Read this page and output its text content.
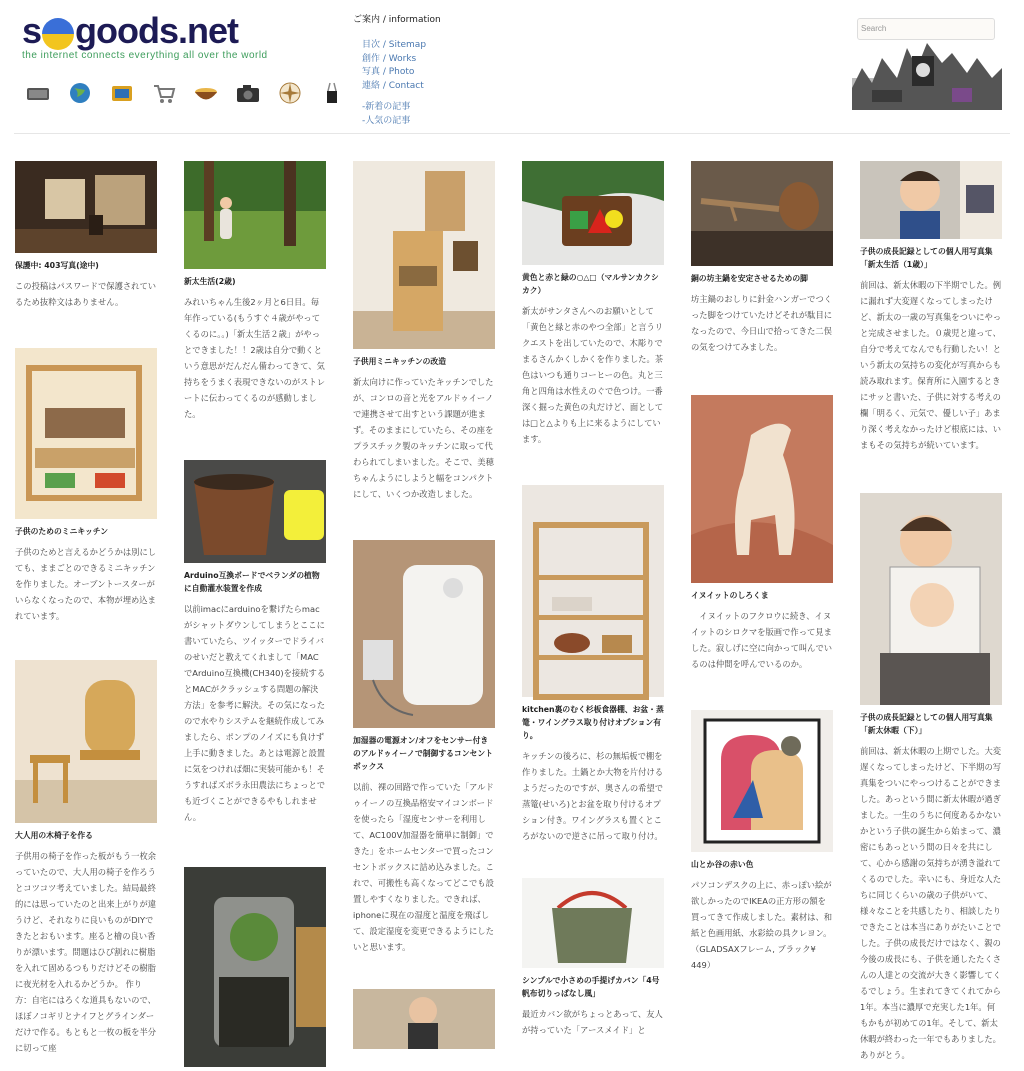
s goods.net
the internet connects everything all over the world
ご案内 / information
目次 / Sitemap
創作 / Works
写真 / Photo
連絡 / Contact
-新着の記事
-人気の記事
Search
保護中: 403写真(途中)

この投稿はパスワードで保護されているため抜粋文はありません。

子供のためのミニキッチン

子供のためと言えるかどうかは別にしても、ままごとのできるミニキッチンを作りました。オーブントースターがいらなくなったので、本物が埋め込まれています。

大人用の木椅子を作る

子供用の椅子を作った板がもう一枚余っていたので、大人用の椅子を作ろうとコツコツ考えていました。結局最終的には思っていたのと出来上がりが違うけど、それなりに良いものがDIYできたとおもいます。座ると檜の良い香りが漂います。問題はひび割れに樹脂を入れて固めるつもりだけどその樹脂に夜光材を入れるかどうか。 作り方：自宅にはろくな道具もないので、ほぼノコギリとナイフとグラインダーだけで作る。もともと一枚の板を半分に切って座

新太生活(2歳)

みれいちゃん生後2ヶ月と6日目。毎年作っている(もうすぐ４歳がやってくるのに。。)「新太生活２歳」がやっとできました！！2歳は自分で動くという意思がだんだん備わってきて、気持ちをうまく表現できないのがストレートに伝わってくるのが感動しました。

Arduino互換ボードでベランダの植物に自動灌水装置を作成

以前imacにarduinoを繋げたらmacがシャットダウンしてしまうとここに書いていたら、ツイッターでドライバのせいだと教えてくれまして「MACでArduino互換機(CH340)を接続するとMACがクラッシュする問題の解決方法」を参考に解決。その気になったので水やりシステムを継続作成してみましたら、ポンプのノイズにも負けず上手に動きました。あとは電源と設置に気をつければ畑に実装可能かも！そうすればズボラ永田農法にちょっとでも近づくことができるやもしれません。

子供用ミニキッチンの改造

新太向けに作っていたキッチンでしたが、コンロの音と光をアルドゥイーノで連携させて出すという課題が進まず。そのままにしていたら、その座をプラスチック製のキッチンに取って代わられてしまいました。そこで、美穂ちゃんようにしようと幅をコンパクトにして、いくつか改造しました。

加湿器の電源オン/オフをセンサー付きのアルドゥイーノで制御するコンセントボックス

以前、裸の回路で作っていた「アルドゥイーノの互換品格安マイコンボードを使ったら「湿度センサーを利用して、AC100V加湿器を簡単に制御」できた」をホームセンターで買ったコンセントボックスに詰め込みました。これで、可搬性も高くなってどこでも設置しやすくなりました。できれば、iphoneに現在の湿度と温度を飛ばして、設定湿度を変更できるようにしたいと思います。

黄色と赤と緑の○△□（マルサンカクシカク）

新太がサンタさんへのお願いとして「黄色と緑と赤のやつ全部」と言うリクエストを出していたので、木彫りでまるさんかくしかくを作りました。茶色はいつも通りコーヒーの色。丸と三角と四角は水性えのぐで色つけ。一番深く掘った黄色の丸だけど、面としては□と△よりも上に来るようにしています。

kitchen裏のむく杉板食器棚、お盆・蒸篭・ワイングラス取り付けオプション有り。

キッチンの後ろに、杉の無垢板で棚を作りました。土鍋とか大物を片付けるようだったのですが、奥さんの希望で蒸篭(せいろ)とお盆を取り付けるオプション付き。ワイングラスも置くところがないので逆さに吊って取り付け。

シンプルで小さめの手提げカバン「4号帆布切りっぱなし風」

最近カバン欲がちょっとあって、友人が持っていた「アースメイド」と

銅の坊主鍋を安定させるための脚

坊主鍋のおしりに針金ハンガーでつくった脚をつけていたけどそれが駄目になったので、今日山で拾ってきた二俣の気をつけてみました。

イヌイットのしろくま

　イヌイットのフクロウに続き、イヌイットのシロクマを版画で作って見ました。寂しげに空に向かって叫んでいるのは仲間を呼んでいるのか。

山とか谷の赤い色

パソコンデスクの上に、赤っぽい絵が欲しかったのでIKEAの正方形の額を買ってきて作成しました。素材は、和紙と色画用紙、水彩絵の具クレヨン。（GLADSAXフレーム, ブラック¥ 449）

子供の成長記録としての個人用写真集「新太生活（1歳）」

前回は、新太休暇の下半期でした。例に漏れず大変遅くなってしまったけど、新太の一歳の写真集をついにやっと完成させました。０歳児と違って、自分で考えてなんでも行動したい！という新太の気持ちの変化が写真からも読み取れます。保育所に入園するときにサッと書いた、子供に対する考えの欄「明るく、元気で、優しい子」あまり深く考えなかったけど根底には、いまもその気持ちが続いています。

子供の成長記録としての個人用写真集「新太休暇（下）」

前回は、新太休暇の上期でした。大変遅くなってしまったけど、下半期の写真集をついにやっつけることができました。あっという間に新太休暇が過ぎました。一生のうちに何度あるかないかという子供の誕生から始まって、濃密にもあっという間の日々を共にして、心から感謝の気持ちが湧き溢れてくるのでした。幸いにも、身近な人たちに同じくらいの歳の子供がいて、様々なことを共感したり、相談したりできたことは本当にありがたいことでした。子供の成長だけではなく、親の今後の成長にも、子供を通したたくさんの人達との交流が大きく影響してくるでしょう。生まれてきてくれてから1年。本当に濃厚で充実した1年。何もかもが初めての1年。そして、新太休暇が終わった一年でもありました。ありがとう。
